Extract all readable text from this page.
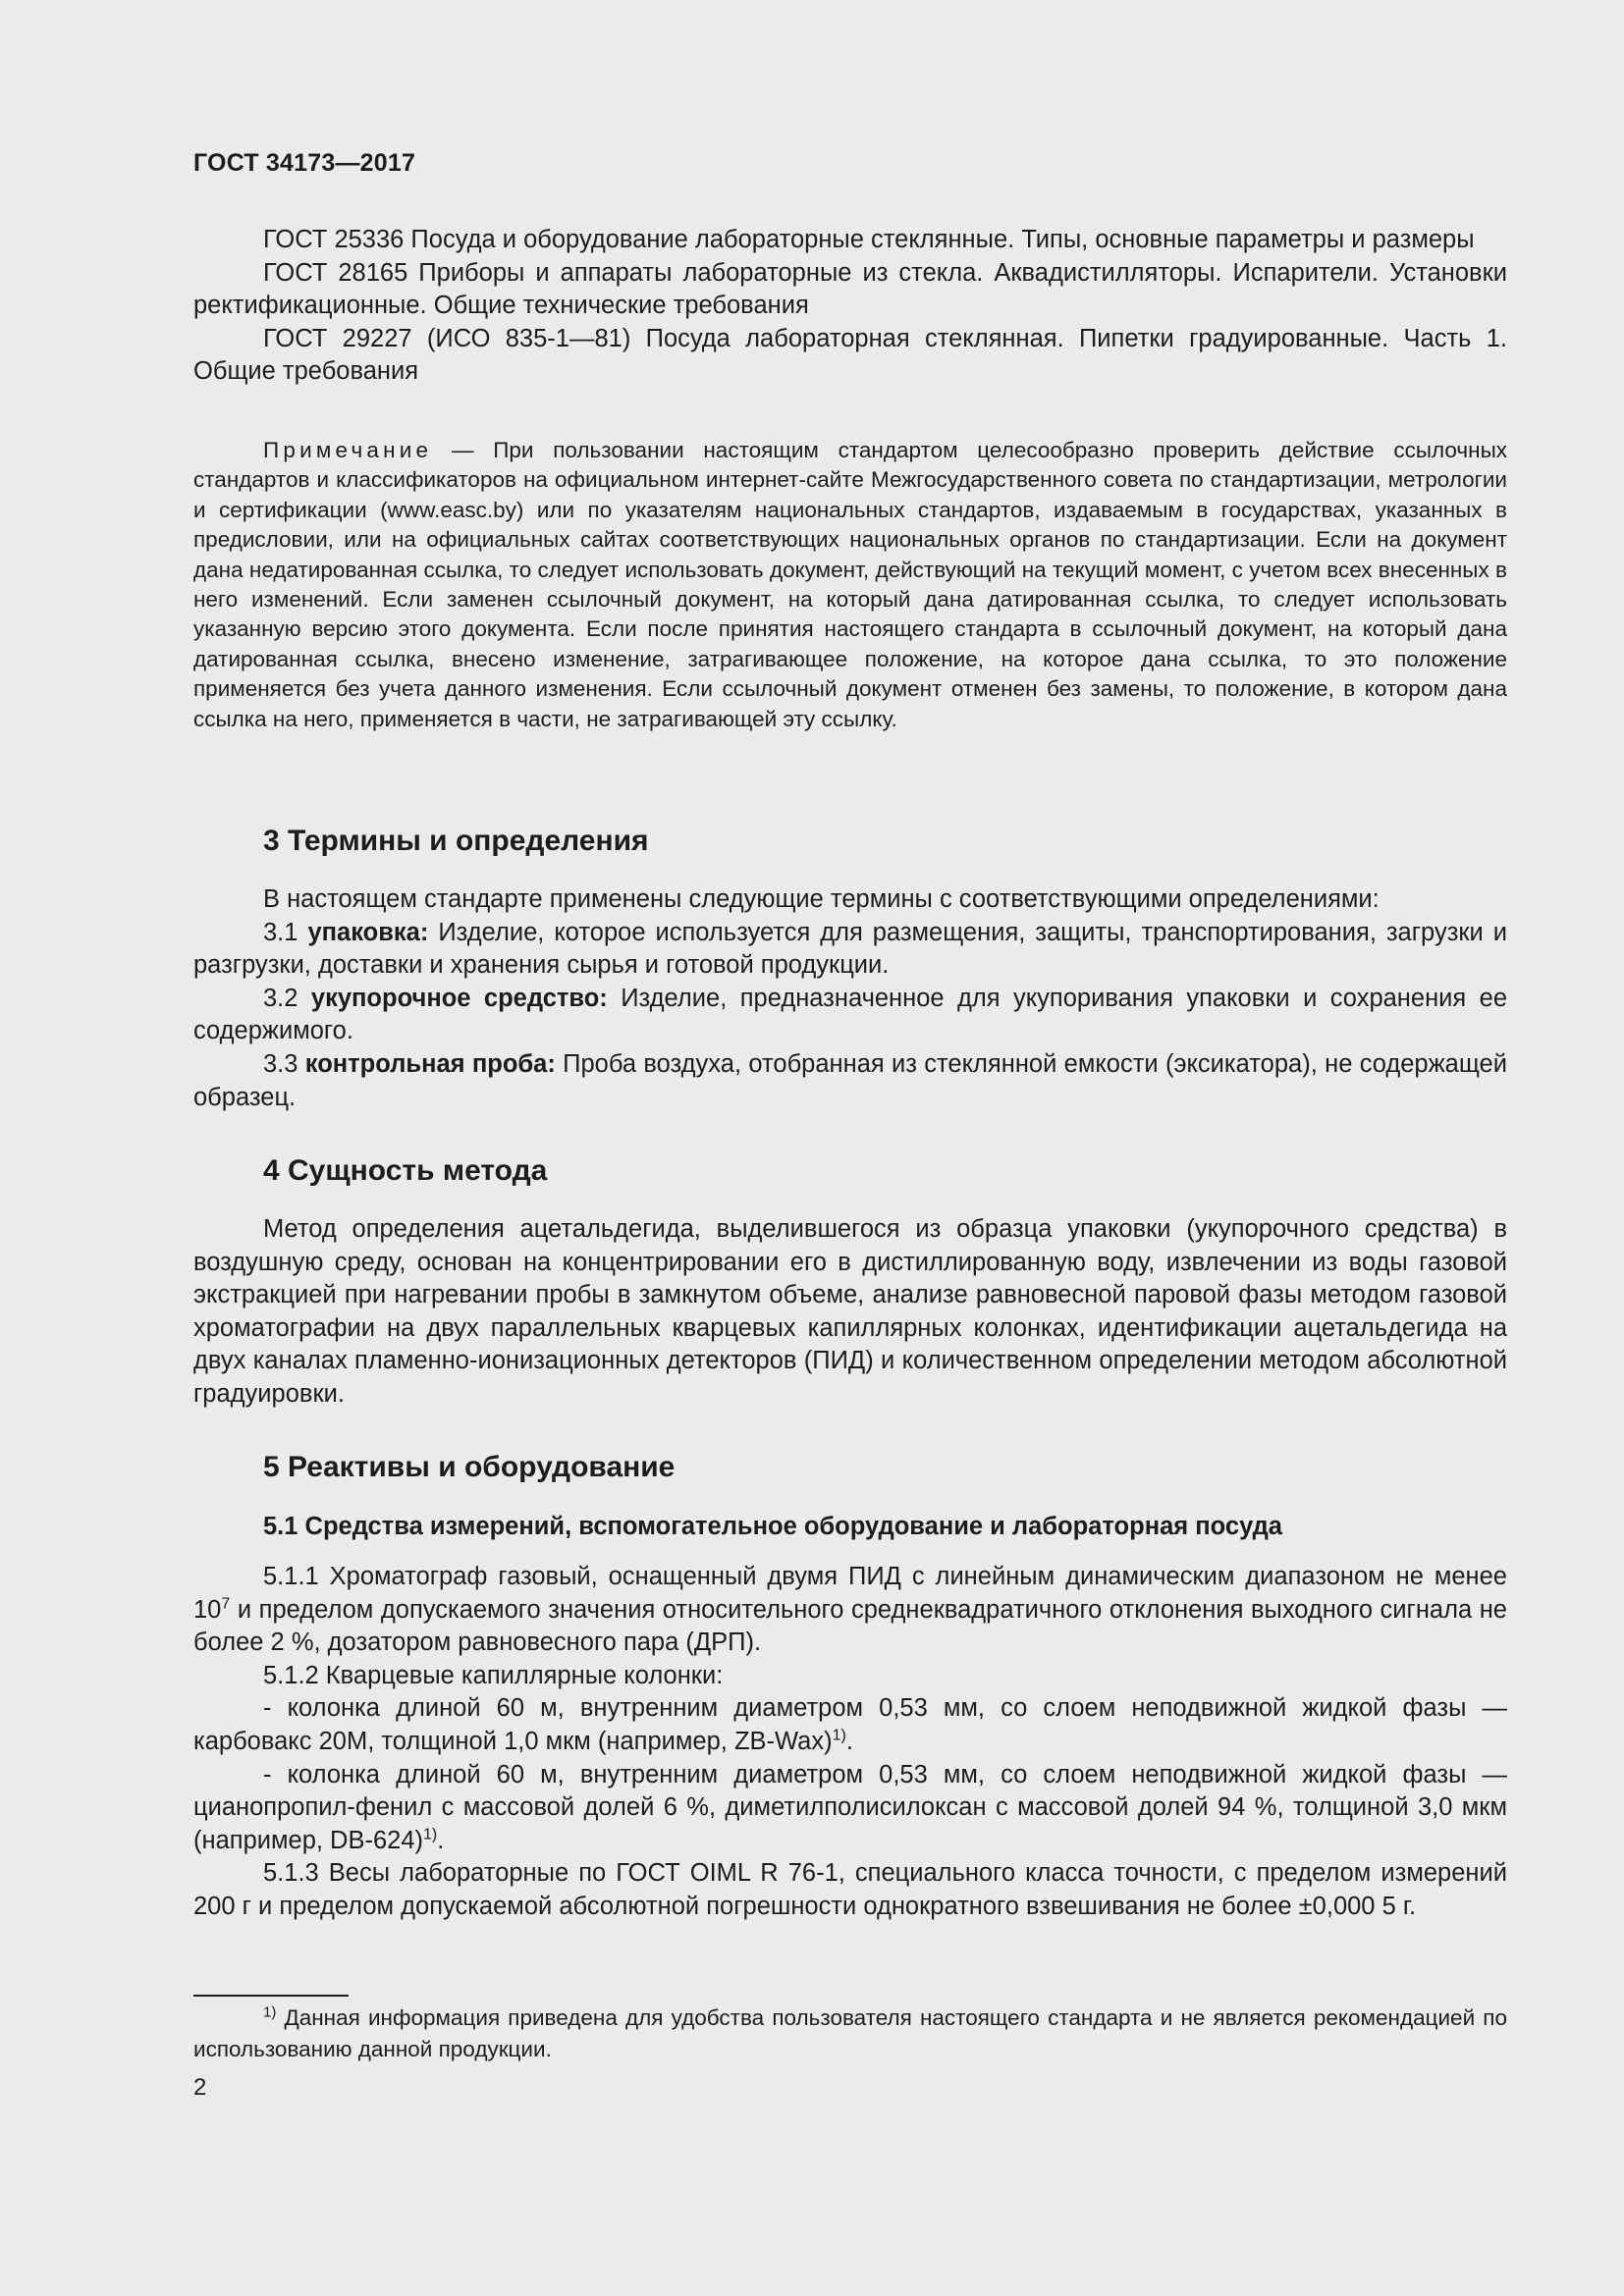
ГОСТ 34173—2017

ГОСТ 25336 Посуда и оборудование лабораторные стеклянные. Типы, основные параметры и размеры

ГОСТ 28165 Приборы и аппараты лабораторные из стекла. Аквадистилляторы. Испарители. Установки ректификационные. Общие технические требования

ГОСТ 29227 (ИСО 835-1—81) Посуда лабораторная стеклянная. Пипетки градуированные. Часть 1. Общие требования

Примечание — При пользовании настоящим стандартом целесообразно проверить действие ссылочных стандартов и классификаторов на официальном интернет-сайте Межгосударственного совета по стандартизации, метрологии и сертификации (www.easc.by) или по указателям национальных стандартов, издаваемым в государствах, указанных в предисловии, или на официальных сайтах соответствующих национальных органов по стандартизации. Если на документ дана недатированная ссылка, то следует использовать документ, действующий на текущий момент, с учетом всех внесенных в него изменений. Если заменен ссылочный документ, на который дана датированная ссылка, то следует использовать указанную версию этого документа. Если после принятия настоящего стандарта в ссылочный документ, на который дана датированная ссылка, внесено изменение, затрагивающее положение, на которое дана ссылка, то это положение применяется без учета данного изменения. Если ссылочный документ отменен без замены, то положение, в котором дана ссылка на него, применяется в части, не затрагивающей эту ссылку.

3 Термины и определения

В настоящем стандарте применены следующие термины с соответствующими определениями:

3.1 упаковка: Изделие, которое используется для размещения, защиты, транспортирования, загрузки и разгрузки, доставки и хранения сырья и готовой продукции.

3.2 укупорочное средство: Изделие, предназначенное для укупоривания упаковки и сохранения ее содержимого.

3.3 контрольная проба: Проба воздуха, отобранная из стеклянной емкости (эксикатора), не содержащей образец.

4 Сущность метода

Метод определения ацетальдегида, выделившегося из образца упаковки (укупорочного средства) в воздушную среду, основан на концентрировании его в дистиллированную воду, извлечении из воды газовой экстракцией при нагревании пробы в замкнутом объеме, анализе равновесной паровой фазы методом газовой хроматографии на двух параллельных кварцевых капиллярных колонках, идентификации ацетальдегида на двух каналах пламенно-ионизационных детекторов (ПИД) и количественном определении методом абсолютной градуировки.

5 Реактивы и оборудование
5.1 Средства измерений, вспомогательное оборудование и лабораторная посуда

5.1.1 Хроматограф газовый, оснащенный двумя ПИД с линейным динамическим диапазоном не менее $10^7$ и пределом допускаемого значения относительного среднеквадратичного отклонения выходного сигнала не более 2 %, дозатором равновесного пара (ДРП).

5.1.2 Кварцевые капиллярные колонки:

- колонка длиной 60 м, внутренним диаметром 0,53 мм, со слоем неподвижной жидкой фазы — карбовакс 20М, толщиной 1,0 мкм (например, ZB-Wax)$^{1)}$.

- колонка длиной 60 м, внутренним диаметром 0,53 мм, со слоем неподвижной жидкой фазы — цианопропил-фенил с массовой долей 6 %, диметилполисилоксан с массовой долей 94 %, толщиной 3,0 мкм (например, DB-624)$^{1)}$.

5.1.3 Весы лабораторные по ГОСТ OIML R 76-1, специального класса точности, с пределом измерений 200 г и пределом допускаемой абсолютной погрешности однократного взвешивания не более ±0,000 5 г.

$^{1)}$ Данная информация приведена для удобства пользователя настоящего стандарта и не является рекомендацией по использованию данной продукции.

2
